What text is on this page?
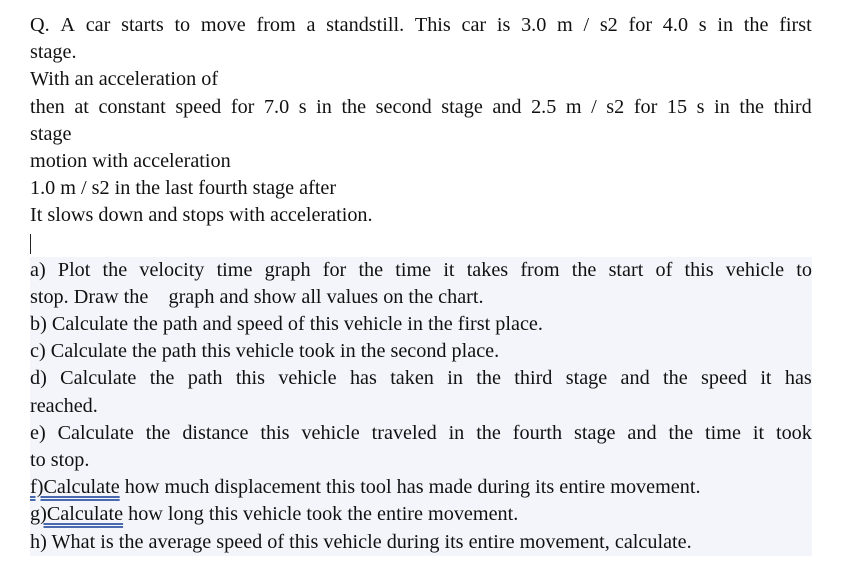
Q. A car starts to move from a standstill. This car is 3.0 m / s2 for 4.0 s in the first
stage.
With an acceleration of
then at constant speed for 7.0 s in the second stage and 2.5 m / s2 for 15 s in the third
stage
motion with acceleration
1.0 m / s2 in the last fourth stage after
It slows down and stops with acceleration.
a) Plot the velocity time graph for the time it takes from the start of this vehicle to
stop. Draw the    graph and show all values on the chart.
b) Calculate the path and speed of this vehicle in the first place.
c) Calculate the path this vehicle took in the second place.
d) Calculate the path this vehicle has taken in the third stage and the speed it has
reached.
e) Calculate the distance this vehicle traveled in the fourth stage and the time it took
to stop.
f)Calculate how much displacement this tool has made during its entire movement.
g)Calculate how long this vehicle took the entire movement.
h) What is the average speed of this vehicle during its entire movement, calculate.
